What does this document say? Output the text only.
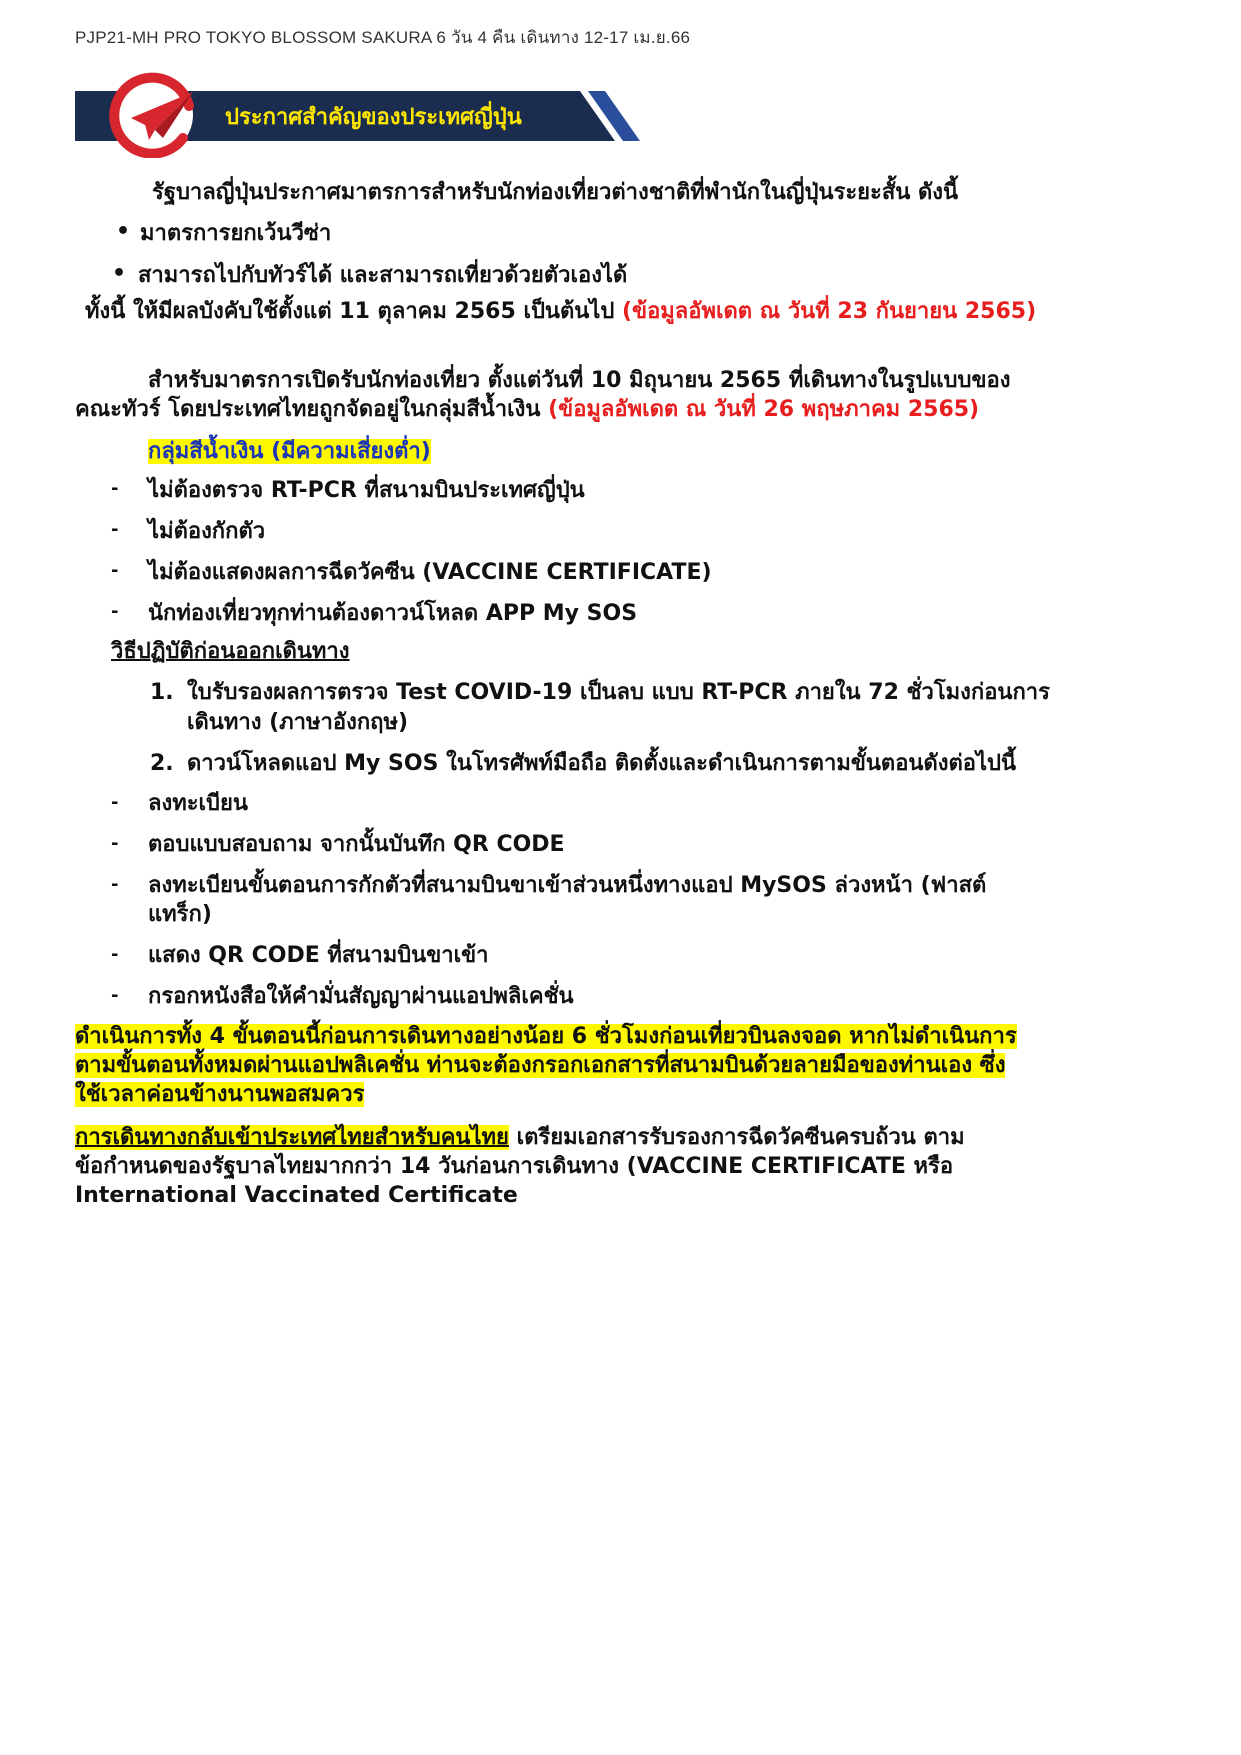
PJP21-MH PRO TOKYO BLOSSOM SAKURA 6 วัน 4 คืน เดินทาง 12-17 เม.ย.66
ประกาศสำคัญของประเทศญี่ปุ่น
รัฐบาลญี่ปุ่นประกาศมาตรการสำหรับนักท่องเที่ยวต่างชาติที่พำนักในญี่ปุ่นระยะสั้น ดังนี้
• มาตรการยกเว้นวีซ่า
• สามารถไปกับทัวร์ได้ และสามารถเที่ยวด้วยตัวเองได้
ทั้งนี้ ให้มีผลบังคับใช้ตั้งแต่ 11 ตุลาคม 2565 เป็นต้นไป (ข้อมูลอัพเดต ณ วันที่ 23 กันยายน 2565)
สำหรับมาตรการเปิดรับนักท่องเที่ยว ตั้งแต่วันที่ 10 มิถุนายน 2565 ที่เดินทางในรูปแบบของ
คณะทัวร์ โดยประเทศไทยถูกจัดอยู่ในกลุ่มสีน้ำเงิน (ข้อมูลอัพเดต ณ วันที่ 26 พฤษภาคม 2565)
กลุ่มสีน้ำเงิน (มีความเสี่ยงต่ำ)
- ไม่ต้องตรวจ RT-PCR ที่สนามบินประเทศญี่ปุ่น
- ไม่ต้องกักตัว
- ไม่ต้องแสดงผลการฉีดวัคซีน (VACCINE CERTIFICATE)
- นักท่องเที่ยวทุกท่านต้องดาวน์โหลด APP My SOS
วิธีปฏิบัติก่อนออกเดินทาง
1. ใบรับรองผลการตรวจ Test COVID-19 เป็นลบ แบบ RT-PCR ภายใน 72 ชั่วโมงก่อนการ
เดินทาง (ภาษาอังกฤษ)
2. ดาวน์โหลดแอป My SOS ในโทรศัพท์มือถือ ติดตั้งและดำเนินการตามขั้นตอนดังต่อไปนี้
- ลงทะเบียน
- ตอบแบบสอบถาม จากนั้นบันทึก QR CODE
- ลงทะเบียนขั้นตอนการกักตัวที่สนามบินขาเข้าส่วนหนึ่งทางแอป MySOS ล่วงหน้า (ฟาสต์
แทร็ก)
- แสดง QR CODE ที่สนามบินขาเข้า
- กรอกหนังสือให้คำมั่นสัญญาผ่านแอปพลิเคชั่น
ดำเนินการทั้ง 4 ขั้นตอนนี้ก่อนการเดินทางอย่างน้อย 6 ชั่วโมงก่อนเที่ยวบินลงจอด หากไม่ดำเนินการ
ตามขั้นตอนทั้งหมดผ่านแอปพลิเคชั่น ท่านจะต้องกรอกเอกสารที่สนามบินด้วยลายมือของท่านเอง ซึ่ง
ใช้เวลาค่อนข้างนานพอสมควร
การเดินทางกลับเข้าประเทศไทยสำหรับคนไทย เตรียมเอกสารรับรองการฉีดวัคซีนครบถ้วน ตาม
ข้อกำหนดของรัฐบาลไทยมากกว่า 14 วันก่อนการเดินทาง (VACCINE CERTIFICATE หรือ
International Vaccinated Certificate
